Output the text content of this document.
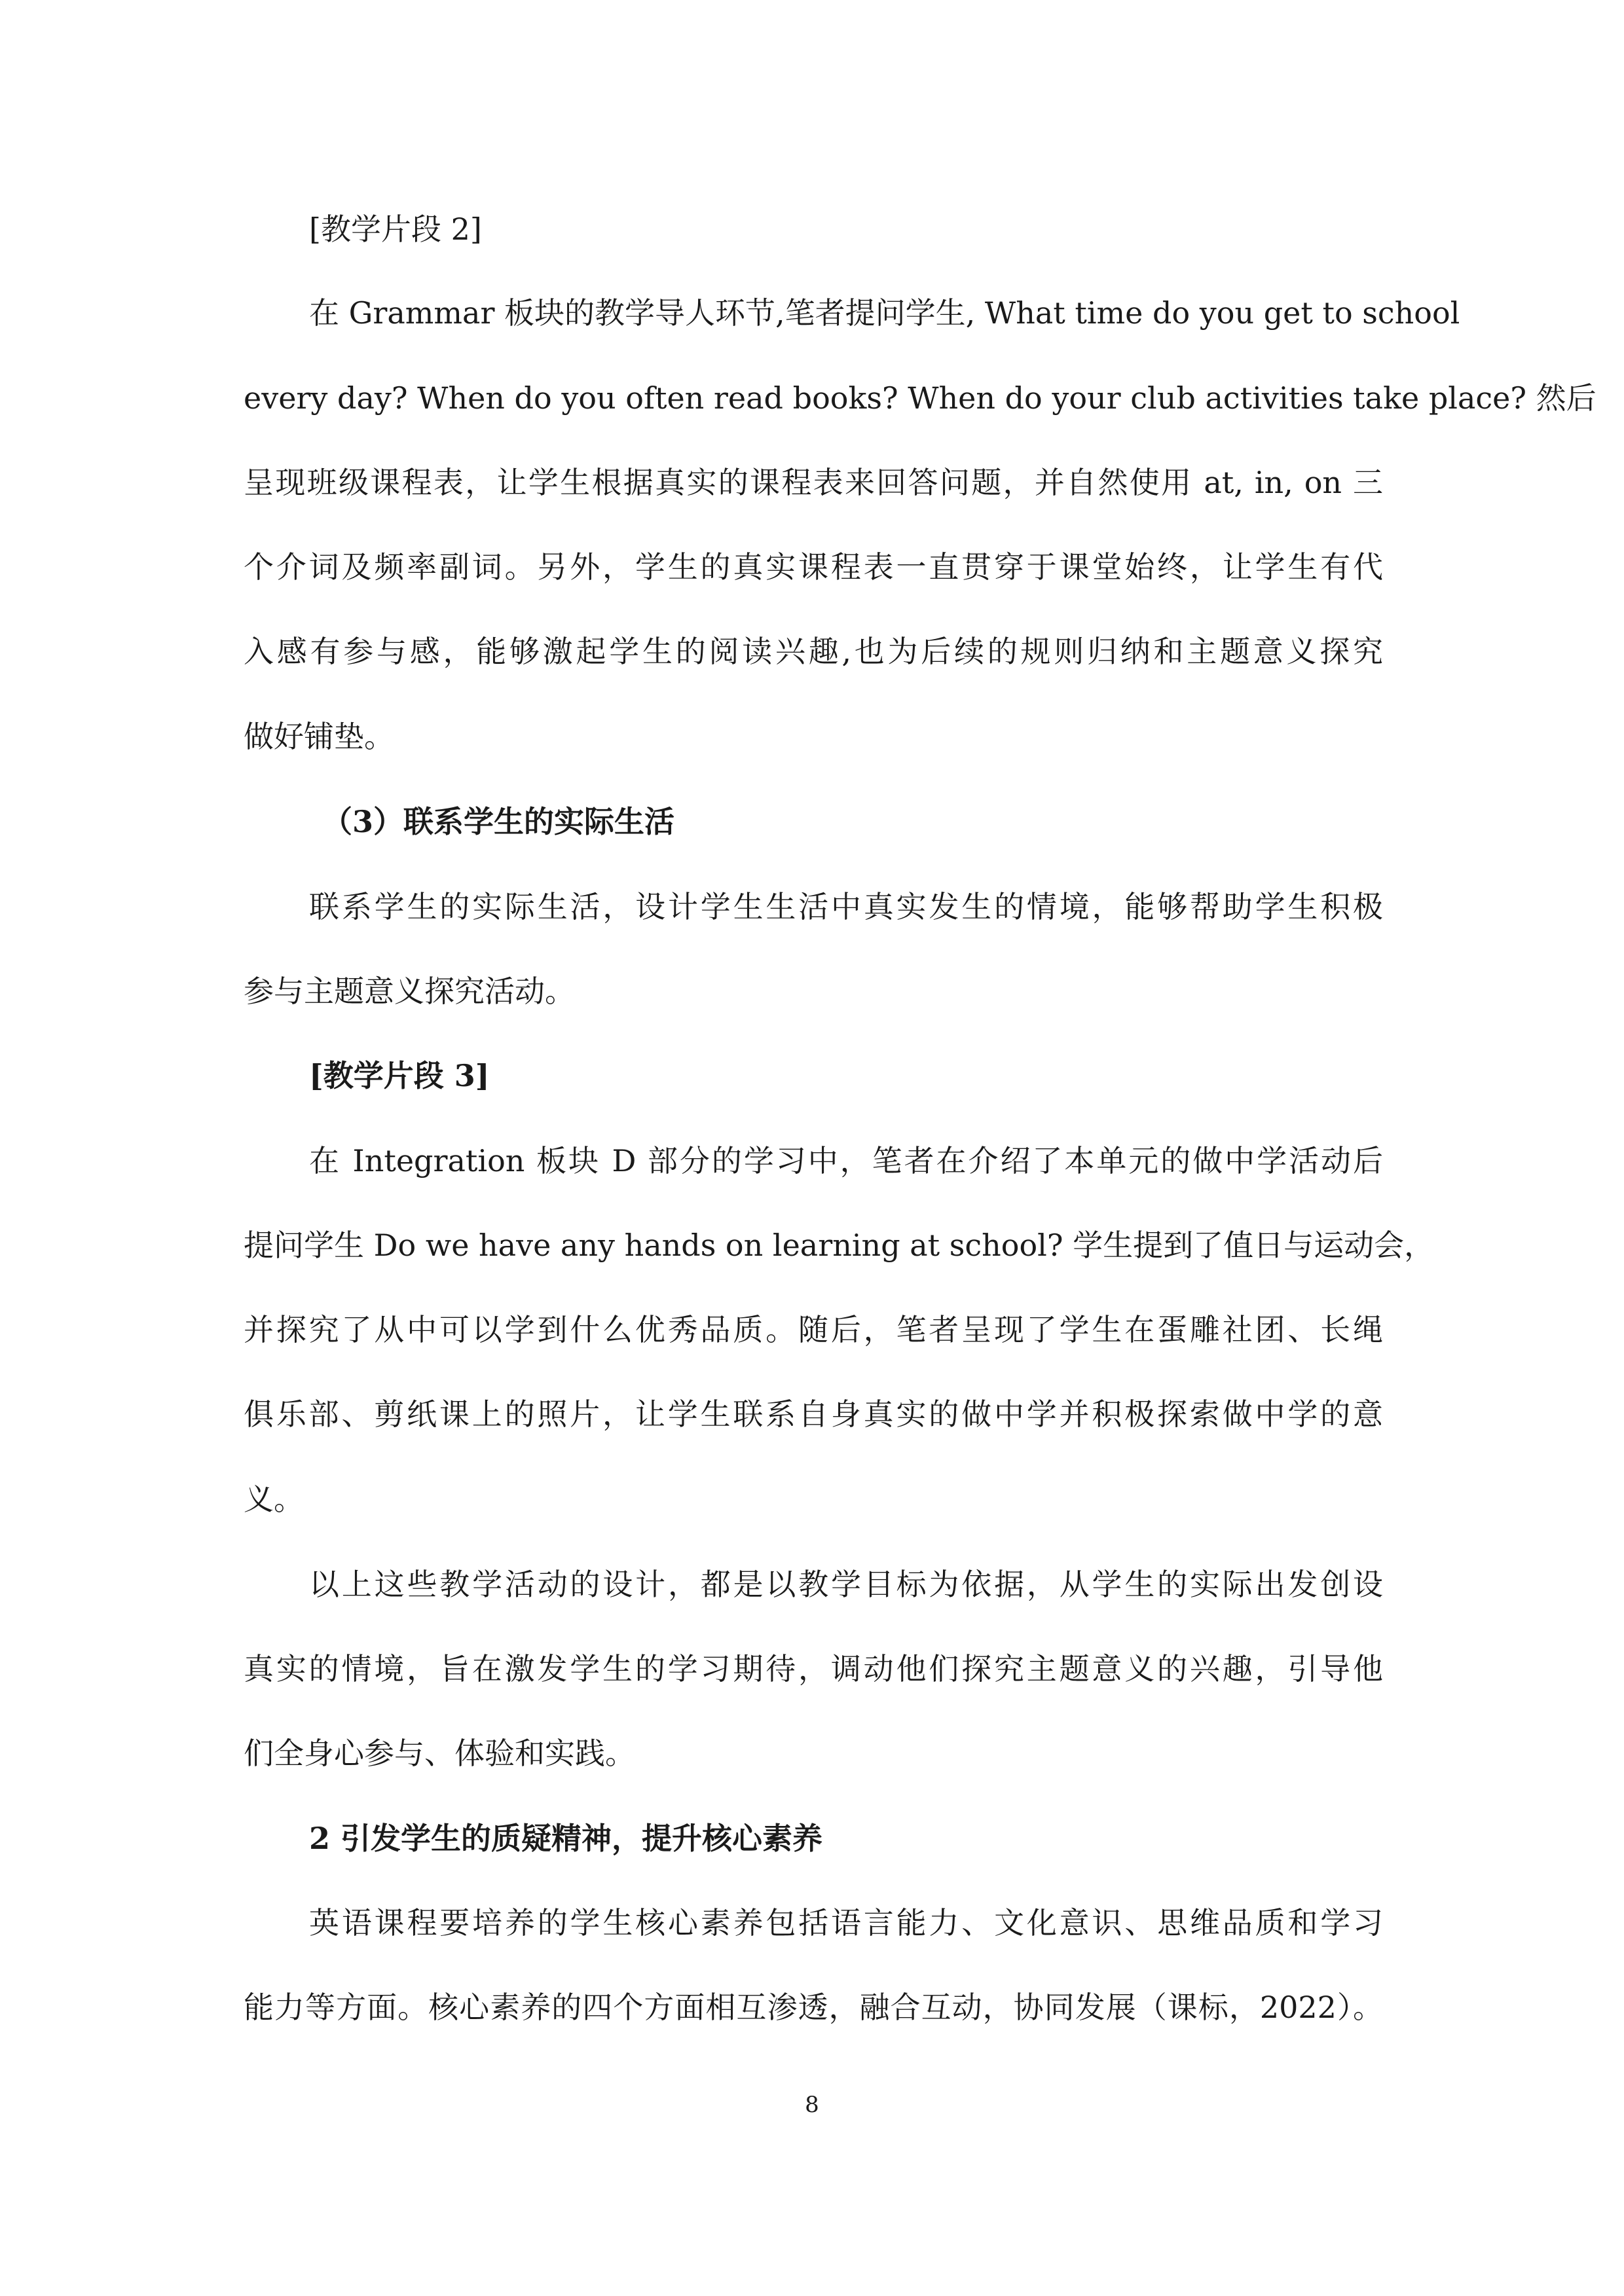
[教学片段 2]
在 Grammar 板块的教学导人环节,笔者提问学生, What time do you get to school
every day? When do you often read books? When do your club activities take place? 然后
呈现班级课程表，让学生根据真实的课程表来回答问题，并自然使用 at, in, on 三
个介词及频率副词。另外，学生的真实课程表一直贯穿于课堂始终，让学生有代
入感有参与感，能够激起学生的阅读兴趣,也为后续的规则归纳和主题意义探究
做好铺垫。
（3）联系学生的实际生活
联系学生的实际生活，设计学生生活中真实发生的情境，能够帮助学生积极
参与主题意义探究活动。
[教学片段 3]
在 Integration 板块 D 部分的学习中，笔者在介绍了本单元的做中学活动后
提问学生 Do we have any hands on learning at school? 学生提到了值日与运动会，
并探究了从中可以学到什么优秀品质。随后，笔者呈现了学生在蛋雕社团、长绳
俱乐部、剪纸课上的照片，让学生联系自身真实的做中学并积极探索做中学的意
义。
以上这些教学活动的设计，都是以教学目标为依据，从学生的实际出发创设
真实的情境，旨在激发学生的学习期待，调动他们探究主题意义的兴趣，引导他
们全身心参与、体验和实践。
2 引发学生的质疑精神，提升核心素养
英语课程要培养的学生核心素养包括语言能力、文化意识、思维品质和学习
能力等方面。核心素养的四个方面相互渗透，融合互动，协同发展（课标，2022）。
8
